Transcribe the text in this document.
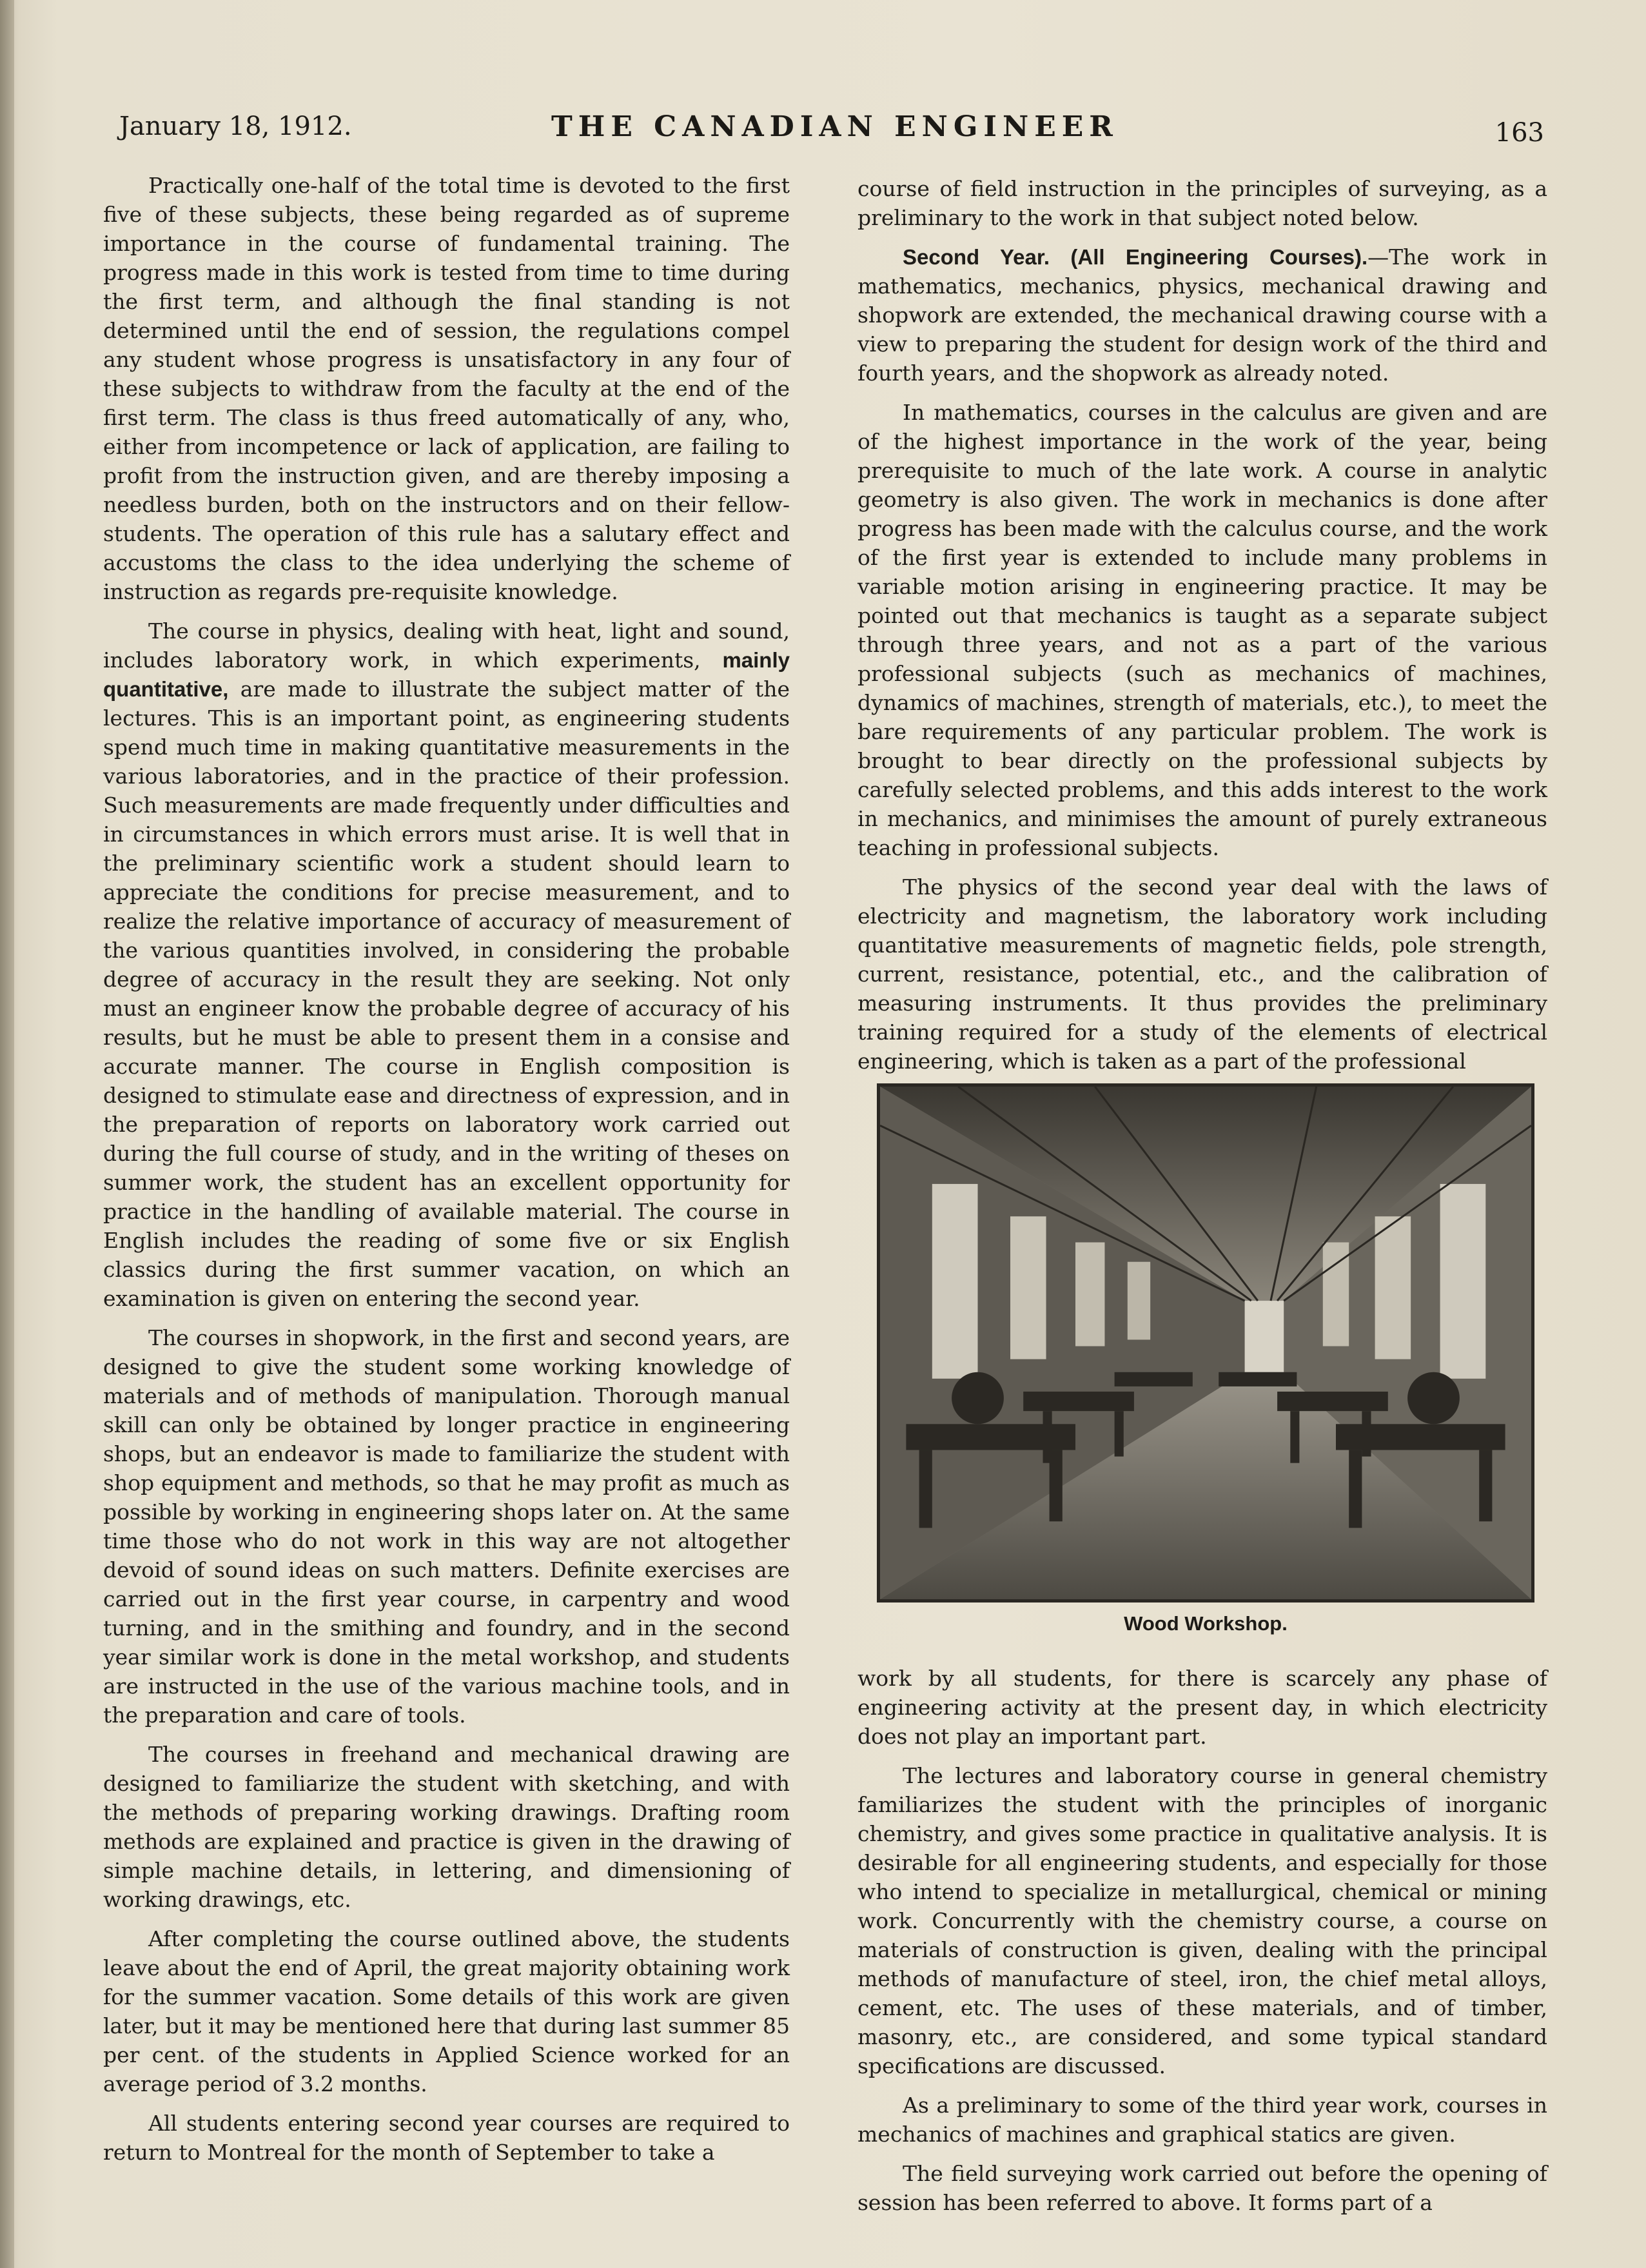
January 18, 1912.	THE CANADIAN ENGINEER	163

Practically one-half of the total time is devoted to the first five of these subjects, these being regarded as of supreme importance in the course of fundamental training. The progress made in this work is tested from time to time during the first term, and although the final standing is not determined until the end of session, the regulations compel any student whose progress is unsatisfactory in any four of these subjects to withdraw from the faculty at the end of the first term. The class is thus freed automatically of any, who, either from incompetence or lack of application, are failing to profit from the instruction given, and are thereby imposing a needless burden, both on the instructors and on their fellow-students. The operation of this rule has a salutary effect and accustoms the class to the idea underlying the scheme of instruction as regards pre-requisite knowledge.

The course in physics, dealing with heat, light and sound, includes laboratory work, in which experiments, mainly quantitative, are made to illustrate the subject matter of the lectures. This is an important point, as engineering students spend much time in making quantitative measurements in the various laboratories, and in the practice of their profession. Such measurements are made frequently under difficulties and in circumstances in which errors must arise. It is well that in the preliminary scientific work a student should learn to appreciate the conditions for precise measurement, and to realize the relative importance of accuracy of measurement of the various quantities involved, in considering the probable degree of accuracy in the result they are seeking. Not only must an engineer know the probable degree of accuracy of his results, but he must be able to present them in a consise and accurate manner. The course in English composition is designed to stimulate ease and directness of expression, and in the preparation of reports on laboratory work carried out during the full course of study, and in the writing of theses on summer work, the student has an excellent opportunity for practice in the handling of available material. The course in English includes the reading of some five or six English classics during the first summer vacation, on which an examination is given on entering the second year.

The courses in shopwork, in the first and second years, are designed to give the student some working knowledge of materials and of methods of manipulation. Thorough manual skill can only be obtained by longer practice in engineering shops, but an endeavor is made to familiarize the student with shop equipment and methods, so that he may profit as much as possible by working in engineering shops later on. At the same time those who do not work in this way are not altogether devoid of sound ideas on such matters. Definite exercises are carried out in the first year course, in carpentry and wood turning, and in the smithing and foundry, and in the second year similar work is done in the metal workshop, and students are instructed in the use of the various machine tools, and in the preparation and care of tools.

The courses in freehand and mechanical drawing are designed to familiarize the student with sketching, and with the methods of preparing working drawings. Drafting room methods are explained and practice is given in the drawing of simple machine details, in lettering, and dimensioning of working drawings, etc.

After completing the course outlined above, the students leave about the end of April, the great majority obtaining work for the summer vacation. Some details of this work are given later, but it may be mentioned here that during last summer 85 per cent. of the students in Applied Science worked for an average period of 3.2 months.

All students entering second year courses are required to return to Montreal for the month of September to take a

course of field instruction in the principles of surveying, as a preliminary to the work in that subject noted below.

Second Year. (All Engineering Courses).—The work in mathematics, mechanics, physics, mechanical drawing and shopwork are extended, the mechanical drawing course with a view to preparing the student for design work of the third and fourth years, and the shopwork as already noted.

In mathematics, courses in the calculus are given and are of the highest importance in the work of the year, being prerequisite to much of the late work. A course in analytic geometry is also given. The work in mechanics is done after progress has been made with the calculus course, and the work of the first year is extended to include many problems in variable motion arising in engineering practice. It may be pointed out that mechanics is taught as a separate subject through three years, and not as a part of the various professional subjects (such as mechanics of machines, dynamics of machines, strength of materials, etc.), to meet the bare requirements of any particular problem. The work is brought to bear directly on the professional subjects by carefully selected problems, and this adds interest to the work in mechanics, and minimises the amount of purely extraneous teaching in professional subjects.

The physics of the second year deal with the laws of electricity and magnetism, the laboratory work including quantitative measurements of magnetic fields, pole strength, current, resistance, potential, etc., and the calibration of measuring instruments. It thus provides the preliminary training required for a study of the elements of electrical engineering, which is taken as a part of the professional

Wood Workshop.

work by all students, for there is scarcely any phase of engineering activity at the present day, in which electricity does not play an important part.

The lectures and laboratory course in general chemistry familiarizes the student with the principles of inorganic chemistry, and gives some practice in qualitative analysis. It is desirable for all engineering students, and especially for those who intend to specialize in metallurgical, chemical or mining work. Concurrently with the chemistry course, a course on materials of construction is given, dealing with the principal methods of manufacture of steel, iron, the chief metal alloys, cement, etc. The uses of these materials, and of timber, masonry, etc., are considered, and some typical standard specifications are discussed.

As a preliminary to some of the third year work, courses in mechanics of machines and graphical statics are given.

The field surveying work carried out before the opening of session has been referred to above. It forms part of a
